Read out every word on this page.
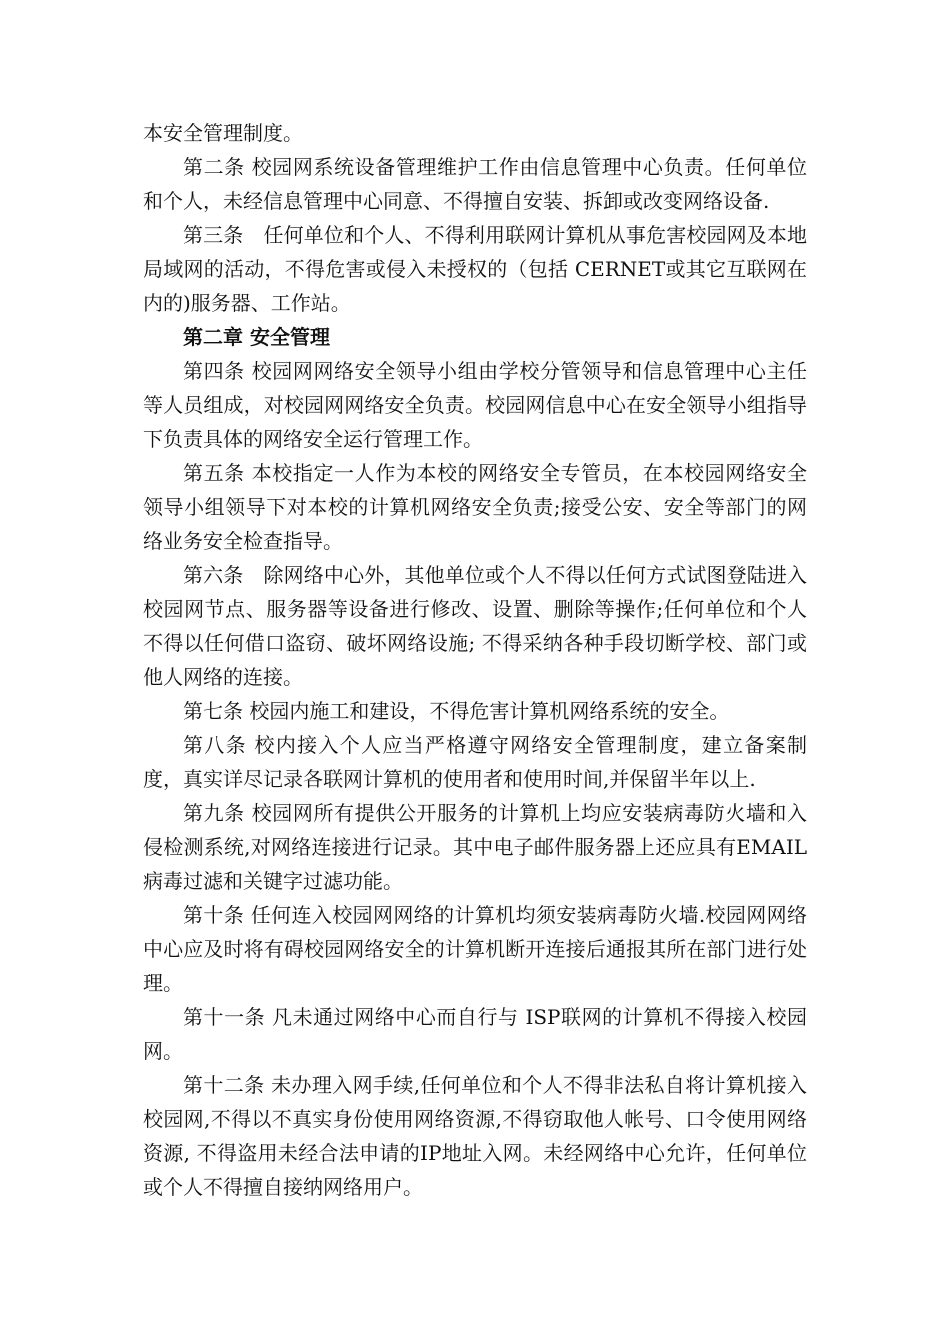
本安全管理制度。

第二条 校园网系统设备管理维护工作由信息管理中心负责。任何单位和个人，未经信息管理中心同意、不得擅自安装、拆卸或改变网络设备.

第三条　任何单位和个人、不得利用联网计算机从事危害校园网及本地局域网的活动，不得危害或侵入未授权的（包括 CERNET或其它互联网在内的)服务器、工作站。

第二章 安全管理

第四条 校园网网络安全领导小组由学校分管领导和信息管理中心主任等人员组成，对校园网网络安全负责。校园网信息中心在安全领导小组指导下负责具体的网络安全运行管理工作。

第五条 本校指定一人作为本校的网络安全专管员，在本校园网络安全领导小组领导下对本校的计算机网络安全负责;接受公安、安全等部门的网络业务安全检查指导。

第六条　除网络中心外，其他单位或个人不得以任何方式试图登陆进入校园网节点、服务器等设备进行修改、设置、删除等操作;任何单位和个人不得以任何借口盗窃、破坏网络设施; 不得采纳各种手段切断学校、部门或他人网络的连接。

第七条 校园内施工和建设，不得危害计算机网络系统的安全。

第八条 校内接入个人应当严格遵守网络安全管理制度，建立备案制度，真实详尽记录各联网计算机的使用者和使用时间,并保留半年以上.

第九条 校园网所有提供公开服务的计算机上均应安装病毒防火墙和入侵检测系统,对网络连接进行记录。其中电子邮件服务器上还应具有EMAIL病毒过滤和关键字过滤功能。

第十条 任何连入校园网网络的计算机均须安装病毒防火墙.校园网网络中心应及时将有碍校园网络安全的计算机断开连接后通报其所在部门进行处理。

第十一条 凡未通过网络中心而自行与 ISP联网的计算机不得接入校园网。

第十二条 未办理入网手续,任何单位和个人不得非法私自将计算机接入校园网,不得以不真实身份使用网络资源,不得窃取他人帐号、口令使用网络资源, 不得盗用未经合法申请的IP地址入网。未经网络中心允许，任何单位或个人不得擅自接纳网络用户。
